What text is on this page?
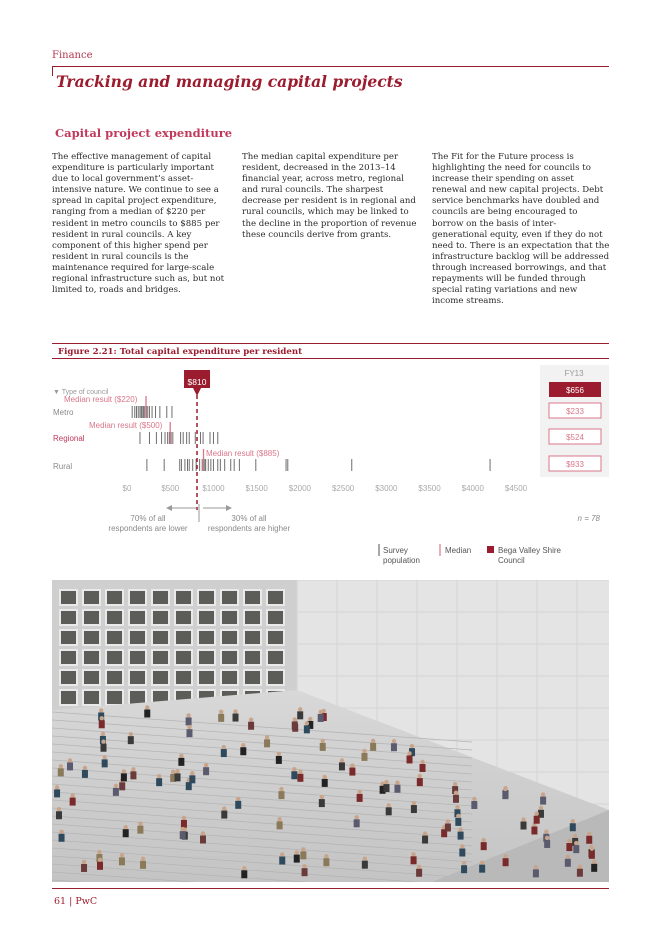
Finance
Tracking and managing capital projects
Capital project expenditure

The effective management of capital expenditure is particularly important due to local government’s asset-intensive nature. We continue to see a spread in capital project expenditure, ranging from a median of $220 per resident in metro councils to $885 per resident in rural councils. A key component of this higher spend per resident in rural councils is the maintenance required for large-scale regional infrastructure such as, but not limited to, roads and bridges.

The median capital expenditure per resident, decreased in the 2013–14 financial year, across metro, regional and rural councils. The sharpest decrease per resident is in regional and rural councils, which may be linked to the decline in the proportion of revenue these councils derive from grants.

The Fit for the Future process is highlighting the need for councils to increase their spending on asset renewal and new capital projects. Debt service benchmarks have doubled and councils are being encouraged to borrow on the basis of inter-generational equity, even if they do not need to. There is an expectation that the infrastructure backlog will be addressed through increased borrowings, and that repayments will be funded through special rating variations and new income streams.

Figure 2.21: Total capital expenditure per resident
FY13
$656
$233
$524
$933
▼ Type of council
Metro
Regional
Rural
Median result ($220)
Median result ($500)
Median result ($885)
$810
$0	$500	$1000	$1500	$2000	$2500	$3000	$3500	$4000	$4500
70% of all respondents are lower
30% of all respondents are higher
n = 78
Survey population
Median	Bega Valley Shire Council
61 | PwC
